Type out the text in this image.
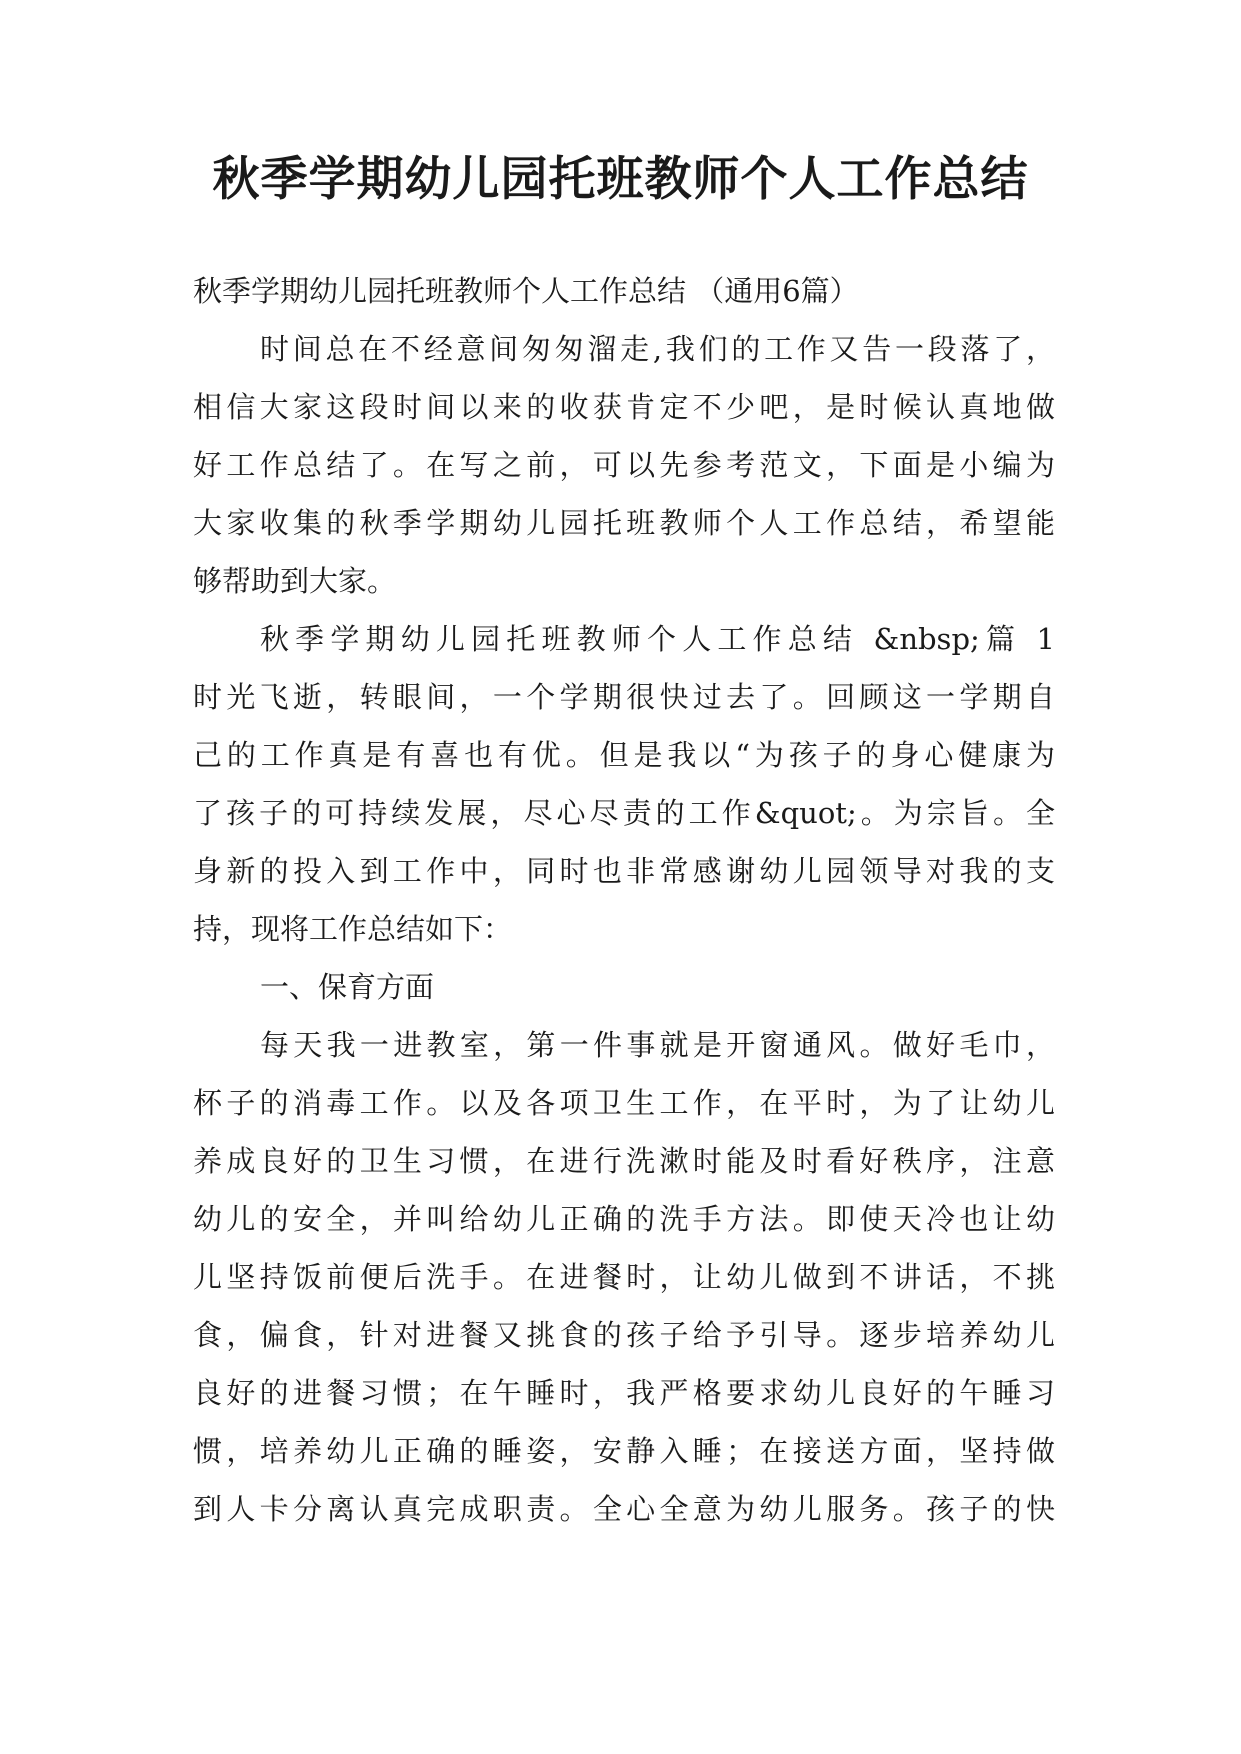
秋季学期幼儿园托班教师个人工作总结
秋季学期幼儿园托班教师个人工作总结 （通用6篇）
时间总在不经意间匆匆溜走,我们的工作又告一段落了，
相信大家这段时间以来的收获肯定不少吧，是时候认真地做
好工作总结了。在写之前，可以先参考范文，下面是小编为
大家收集的秋季学期幼儿园托班教师个人工作总结，希望能
够帮助到大家。
秋季学期幼儿园托班教师个人工作总结 &nbsp;篇 1
时光飞逝，转眼间，一个学期很快过去了。回顾这一学期自
己的工作真是有喜也有优。但是我以“为孩子的身心健康为
了孩子的可持续发展，尽心尽责的工作&quot;。为宗旨。全
身新的投入到工作中，同时也非常感谢幼儿园领导对我的支
持，现将工作总结如下：
一、保育方面
每天我一进教室，第一件事就是开窗通风。做好毛巾，
杯子的消毒工作。以及各项卫生工作，在平时，为了让幼儿
养成良好的卫生习惯，在进行洗漱时能及时看好秩序，注意
幼儿的安全，并叫给幼儿正确的洗手方法。即使天冷也让幼
儿坚持饭前便后洗手。在进餐时，让幼儿做到不讲话，不挑
食，偏食，针对进餐又挑食的孩子给予引导。逐步培养幼儿
良好的进餐习惯；在午睡时，我严格要求幼儿良好的午睡习
惯，培养幼儿正确的睡姿，安静入睡；在接送方面，坚持做
到人卡分离认真完成职责。全心全意为幼儿服务。孩子的快
